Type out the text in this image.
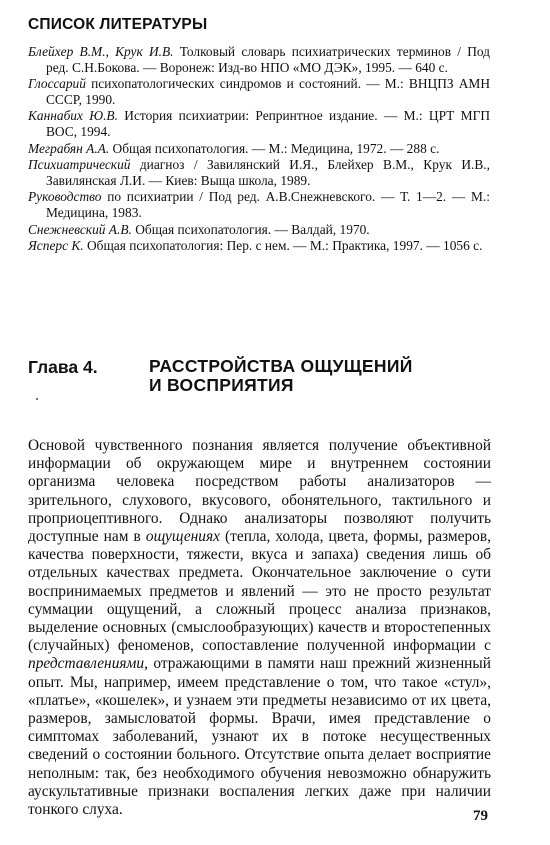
СПИСОК ЛИТЕРАТУРЫ

Блейхер В.М., Крук И.В. Толковый словарь психиатрических терминов / Под ред. С.Н.Бокова. — Воронеж: Изд-во НПО «МО ДЭК», 1995. — 640 с.

Глоссарий психопатологических синдромов и состояний. — М.: ВНЦПЗ АМН СССР, 1990.

Каннабих Ю.В. История психиатрии: Репринтное издание. — М.: ЦРТ МГП ВОС, 1994.

Меграбян А.А. Общая психопатология. — М.: Медицина, 1972. — 288 с.

Психиатрический диагноз / Завилянский И.Я., Блейхер В.М., Крук И.В., Завилянская Л.И. — Киев: Выща школа, 1989.

Руководство по психиатрии / Под ред. А.В.Снежневского. — Т. 1—2. — М.: Медицина, 1983.

Снежневский А.В. Общая психопатология. — Валдай, 1970.

Ясперс К. Общая психопатология: Пер. с нем. — М.: Практика, 1997. — 1056 с.

Глава 4.	РАССТРОЙСТВА ОЩУЩЕНИЙ
И ВОСПРИЯТИЯ
Основой чувственного познания является получение объективной информации об окружающем мире и внутреннем состоянии организма человека посредством работы анализаторов — зрительного, слухового, вкусового, обонятельного, тактильного и проприоцептивного. Однако анализаторы позволяют получить доступные нам в ощущениях (тепла, холода, цвета, формы, размеров, качества поверхности, тяжести, вкуса и запаха) сведения лишь об отдельных качествах предмета. Окончательное заключение о сути воспринимаемых предметов и явлений — это не просто результат суммации ощущений, а сложный процесс анализа признаков, выделение основных (смыслообразующих) качеств и второстепенных (случайных) феноменов, сопоставление полученной информации с представлениями, отражающими в памяти наш прежний жизненный опыт. Мы, например, имеем представление о том, что такое «стул», «платье», «кошелек», и узнаем эти предметы независимо от их цвета, размеров, замысловатой формы. Врачи, имея представление о симптомах заболеваний, узнают их в потоке несущественных сведений о состоянии больного. Отсутствие опыта делает восприятие неполным: так, без необходимого обучения невозможно обнаружить аускультативные признаки воспаления легких даже при наличии тонкого слуха.	79
